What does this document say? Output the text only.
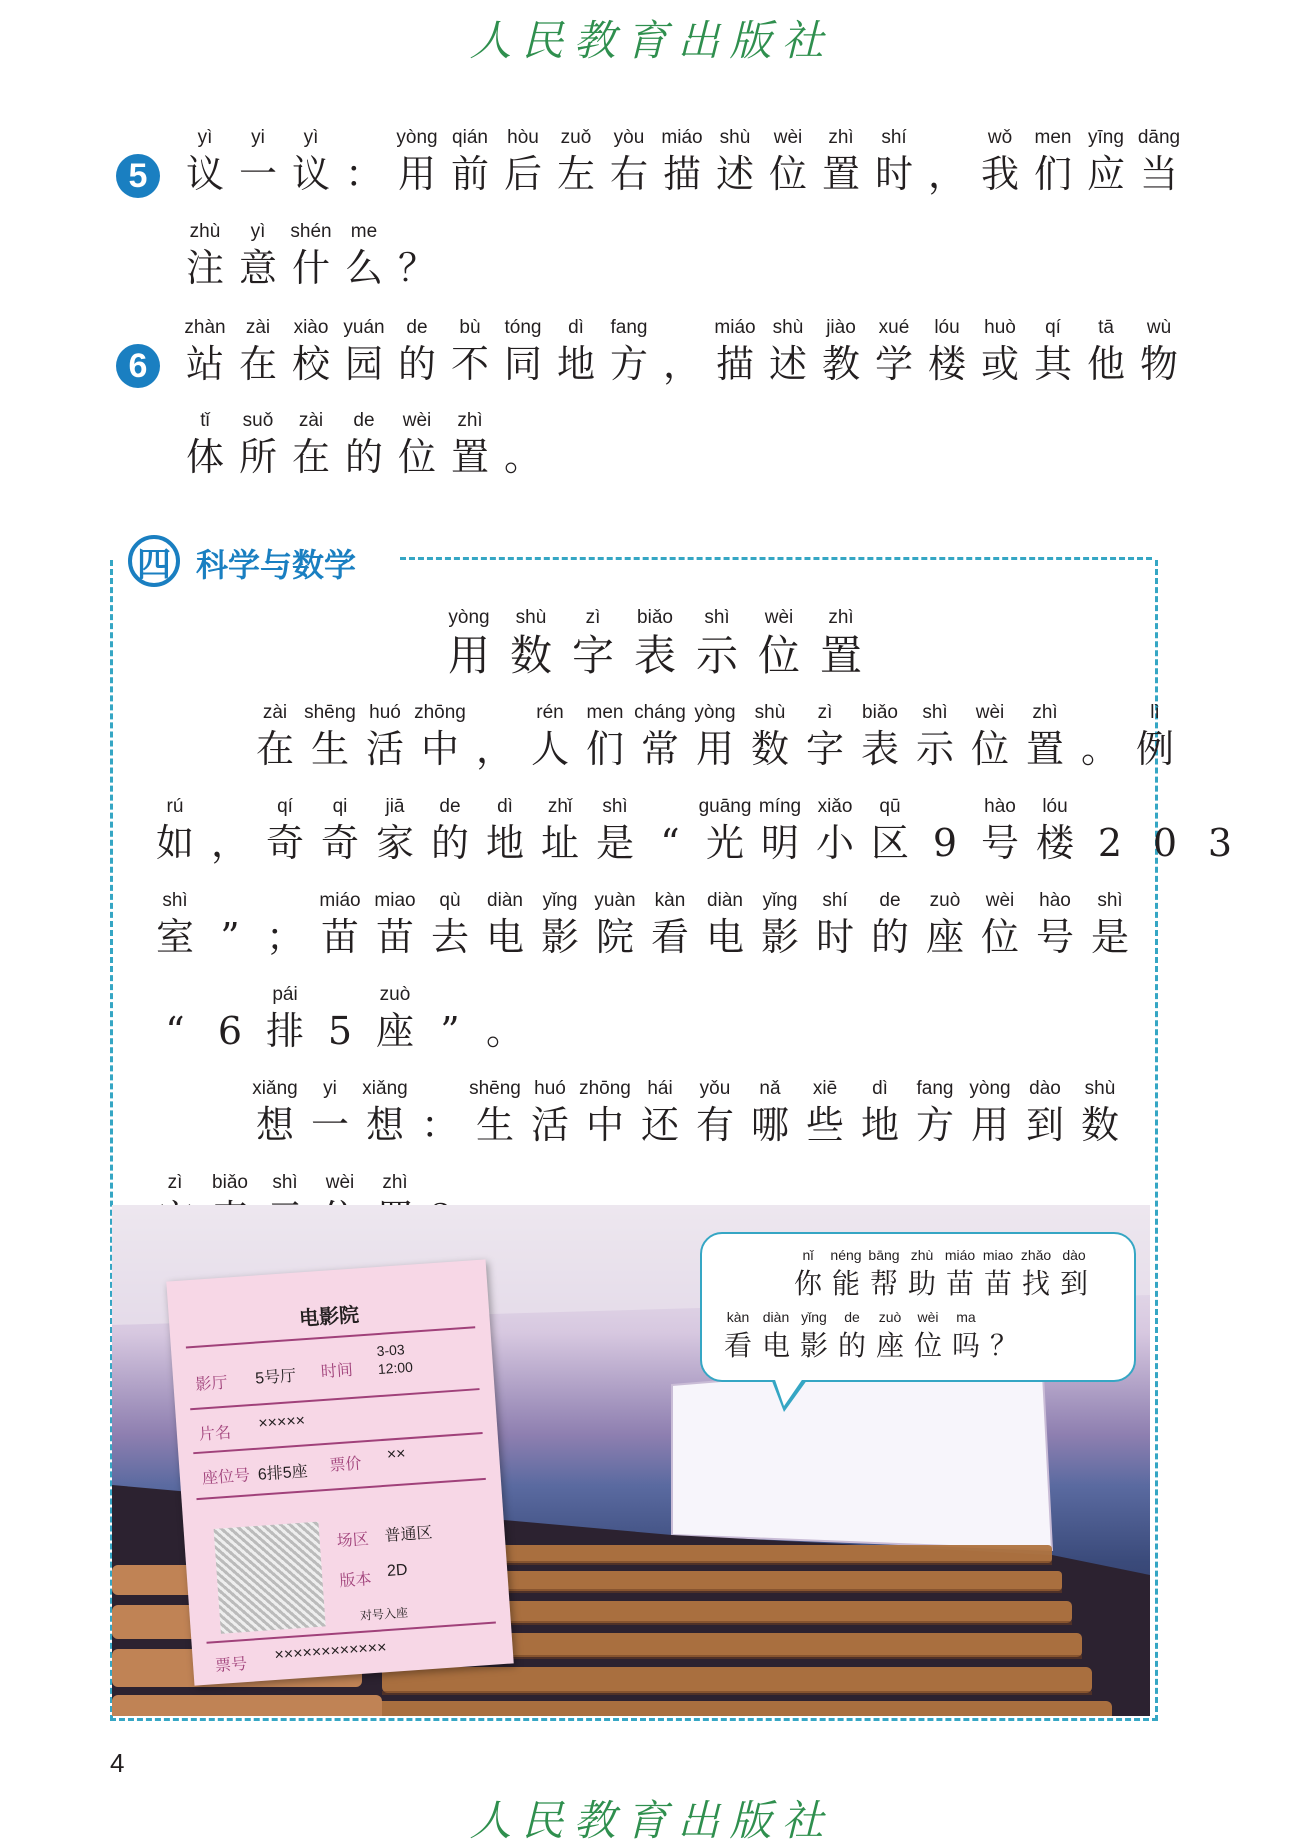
人民教育出版社
5
yì
议
yi
一
yì
议 ：
yòng
用
qián
前
hòu
后
zuǒ
左
yòu
右
miáo
描
shù
述
wèi
位
zhì
置
shí
时 ，
wǒ
我
men
们
yīng
应
dāng
当
zhù
注
yì
意
shén
什
me
么 ？
6
zhàn
站
zài
在
xiào
校
yuán
园
de
的
bù
不
tóng
同
dì
地
fang
方 ，
miáo
描
shù
述
jiào
教
xué
学
lóu
楼
huò
或
qí
其
tā
他
wù
物
tǐ
体
suǒ
所
zài
在
de
的
wèi
位
zhì
置 。
四 科学与数学
yòng
用
shù
数
zì
字
biǎo
表
shì
示
wèi
位
zhì
置
zài
在
shēng
生
huó
活
zhōng
中 ，
rén
人
men
们
cháng
常
yòng
用
shù
数
zì
字
biǎo
表
shì
示
wèi
位
zhì
置 。
lì
例
rú
如 ，
qí
奇
qi
奇
jiā
家
de
的
dì
地
zhǐ
址
shì
是 “
guāng
光
míng
明
xiǎo
小
qū
区 9
hào
号
lóu
楼 2 0 3
shì
室 ” ；
miáo
苗
miao
苗
qù
去
diàn
电
yǐng
影
yuàn
院
kàn
看
diàn
电
yǐng
影
shí
时
de
的
zuò
座
wèi
位
hào
号
shì
是
“ 6
pái
排 5
zuò
座 ” 。
xiǎng
想
yi
一
xiǎng
想 ：
shēng
生
huó
活
zhōng
中
hái
还
yǒu
有
nǎ
哪
xiē
些
dì
地
fang
方
yòng
用
dào
到
shù
数
zì biǎo shì wèi zhì
电影院
影厅 5号厅 时间
3-03
12:00
片名
×××××
座位号 6排5座 票价
××
场区 普通区
版本
2D
对号入座
票号
××××××××××××
nǐ
你
néng
能
bāng
帮
zhù
助
miáo
苗
miao
苗
zhǎo
找
dào
到
kàn
看
diàn
电
yǐng
影
de
的
zuò
座
wèi
位
ma
吗 ？
4
人民教育出版社
